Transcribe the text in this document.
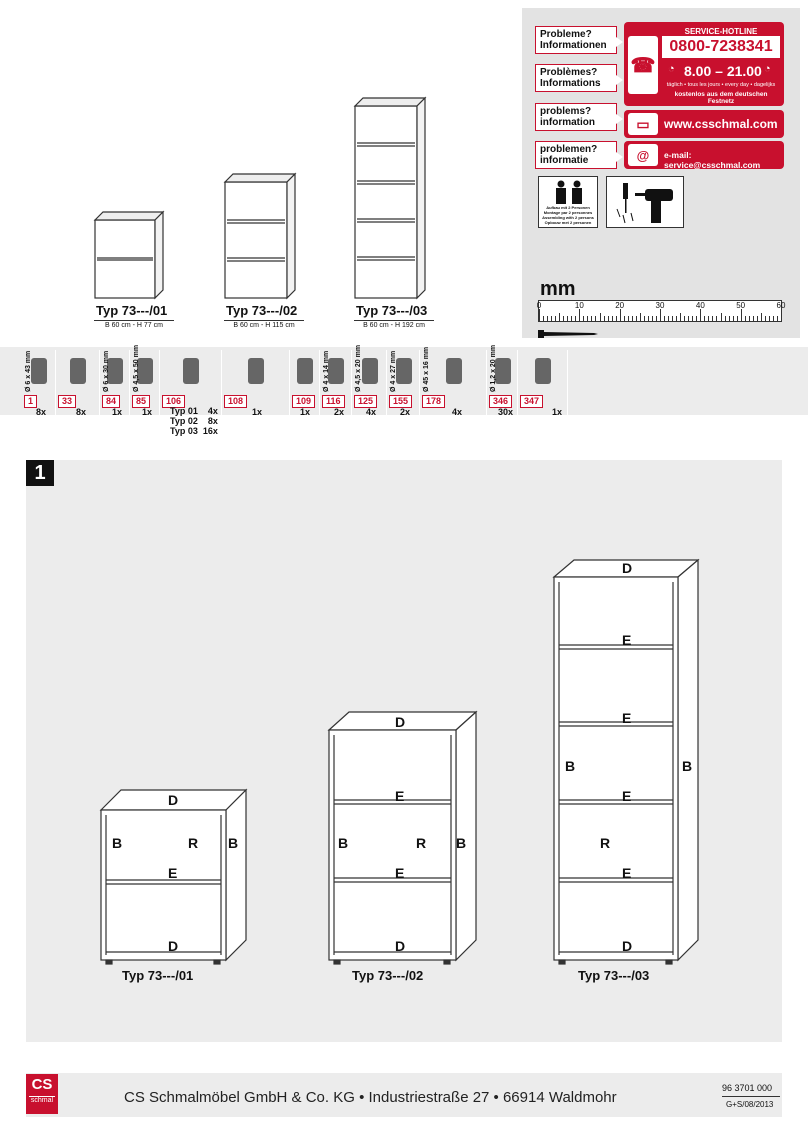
Typ 73---/01
B 60 cm - H 77 cm
Typ 73---/02
B 60 cm - H 115 cm
Typ 73---/03
B 60 cm - H 192 cm
Probleme?
Informationen
Problèmes?
Informations
problems?
information
problemen?
informatie
☎
SERVICE-HOTLINE
0800-7238341
◔ 8.00 – 21.00 ◔
täglich • tous les jours • every day • dagelijks
kostenlos aus dem deutschen Festnetz
▭	www.csschmal.com
@	e-mail: service@csschmal.com
Aufbau mit 2 Personen
Montage par 2 personnes
Assembling with 2 persons
Opbouw met 2 personen
mm
0	10	20	30	40	50	60
1
8x
Ø 6 x 43 mm
33
8x
84
1x
Ø 6 x 30 mm
85
1x
Ø 4,5 x 50 mm
106	108
1x
109
1x
116
2x
Ø 4 x 14 mm
125
4x
Ø 4,5 x 20 mm
155
2x
Ø 4 x 27 mm
178
4x
Ø 45 x 16 mm
346
30x
Ø 1,2 x 20 mm
347
1x
Typ 01 4x
Typ 02 8x
Typ 03 16x
1
D
B	R B
E
D
Typ 73---/01
D
E
B	R B
E
D
Typ 73---/02
D
E
E
B	B
E
R
E
D
Typ 73---/03
CS
schmal	CS Schmalmöbel GmbH & Co. KG • Industriestraße 27 • 66914 Waldmohr
96 3701 000
G+S/08/2013
